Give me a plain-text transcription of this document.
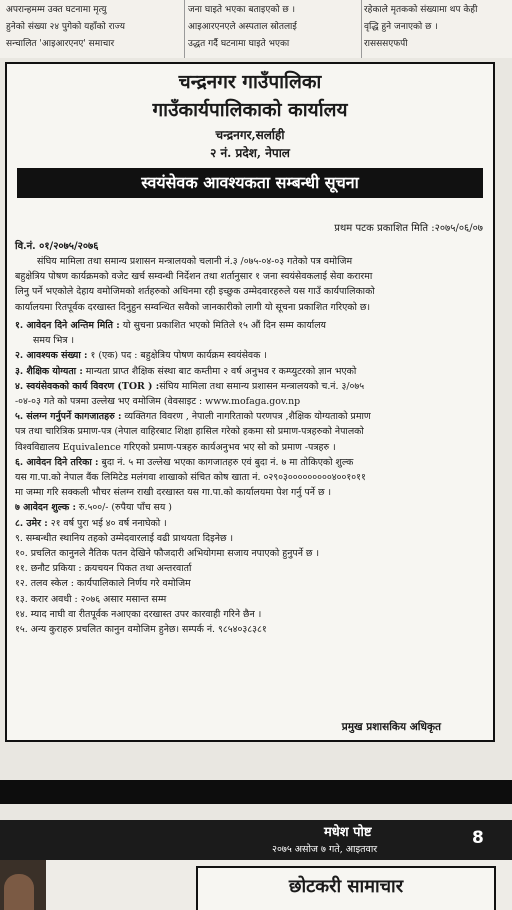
अपरान्हमम्म उक्त घटनामा मृत्यु
हुनेको संख्या २४ पुगेको यहाँको राज्य
सन्चालित 'आइआरएनए' समाचार
जना घाइते भएका बताइएको छ ।
आइआरएनएले अस्पताल स्रोतलाई
उद्धत गर्दै घटनामा घाइते भएका
रहेकाले मृतकको संख्यामा थप केही
वृद्धि हुने जनाएको छ ।
रासससएफपी
चन्द्रनगर गाउँपालिका
गाउँकार्यपालिकाको कार्यालय
चन्द्रनगर,सर्लाही
२ नं. प्रदेश, नेपाल
स्वयंसेवक आवश्यकता सम्बन्धी सूचना
प्रथम पटक प्रकाशित मिति :२०७५/०६/०७
वि.नं. ०१/२०७५/२०७६
संघिय मामिला तथा समान्य प्रशासन मन्त्रालयको चलानी नं.३ /०७५-०४-०३ गतेको पत्र वमोजिम
बहुक्षेत्रिय पोषण कार्यक्रमको वजेट खर्च सम्वन्धी निर्देशन तथा शर्तानुसार १ जना स्वयंसेवकलाई सेवा करारमा
लिनु पर्ने भएकोले देहाय वमोजिमको शर्तहरुको अधिनमा रही इच्छुक उम्मेदवारहरुले यस गाउँ कार्यपालिकाको
कार्यालयमा रितपूर्वक दरखास्त दिनुहुन सम्वन्धित सवैको जानकारीको लागी यो सूचना प्रकाशित गरिएको छ।
१. आवेदन दिने अन्तिम मिति : यो सुचना प्रकाशित भएको मितिले १५ औं दिन सम्म कार्यालय
समय भित्र ।
२. आवश्यक संख्या : १ (एक) पद : बहुक्षेत्रिय पोषण कार्यक्रम स्वयंसेवक ।
३. शैक्षिक योग्यता : मान्यता प्राप्त शैक्षिक संस्था बाट कम्तीमा २ वर्ष अनुभव र कम्प्युटरको ज्ञान भएको
४. स्वयंसेवकको कार्य विवरण (TOR ) :संघिय मामिला तथा समान्य प्रशासन मन्त्रालयको च.नं. ३/०७५
-०४-०३ गते को पत्रमा उल्लेख भए वमोजिम (वेवसाइट : www.mofaga.gov.np
५. संलग्न गर्नुपर्ने कागजातहरु : व्यक्तिगत विवरण , नेपाली नागरिताको परणपत्र ,शैक्षिक योग्यताको प्रमाण
पत्र तथा चारित्रिक प्रमाण-पत्र (नेपाल वाहिरबाट शिक्षा हासिल गरेको हकमा सो प्रमाण-पत्रहरुको नेपालको
विश्वविद्यालय Equivalence गरिएको प्रमाण-पत्रहरु कार्यअनुभव भए सो को प्रमाण -पत्रहरु ।
६. आवेदन दिने तरिका : बुदा नं. ५ मा उल्लेख भएका कागजातहरु एवं बुदा नं. ७ मा तोकिएको शुल्क
यस गा.पा.को नेपाल वैंक लिमिटेड मलंगवा शाखाको संचित कोष खाता नं. ०२९०३०००००००००४००१०११
मा जम्मा गरि सक्कली भौचर संलग्न राखी दरखास्त यस गा.पा.को कार्यालयमा पेश गर्नु पर्ने छ ।
७ आवेदन शुल्क : रु.५००/- (रुपैया पाँच सय )
८. उमेर : २१ वर्ष पुरा भई ४० वर्ष ननाघेको ।
९. सम्बन्धीत स्थानिय तहको उम्मेदवारलाई वढी प्राथयता दिइनेछ ।
१०. प्रचलित कानुनले नैतिक पतन देखिने फौजदारी अभियोगमा सजाय नपाएको हुनुपर्ने छ ।
११. छनौट प्रकिया : क्रयचयन पिकत तथा अन्तरवार्ता
१२. तलव स्केल : कार्यपालिकाले निर्णय गरे वमोजिम
१३. करार अवधी : २०७६ असार मसान्त सम्म
१४. म्याद नाघी वा रीतपूर्वक नआएका दरखास्त उपर कारवाही गरिने छैन ।
१५. अन्य कुराहरु प्रचलित कानुन वमोजिम हुनेछ। सम्पर्क नं. ९८५४०३८३८१
प्रमुख प्रशासकिय अधिकृत
मधेश पोष्ट
२०७५ असोज ७ गते, आइतवार
8
छोटकरी सामाचार
